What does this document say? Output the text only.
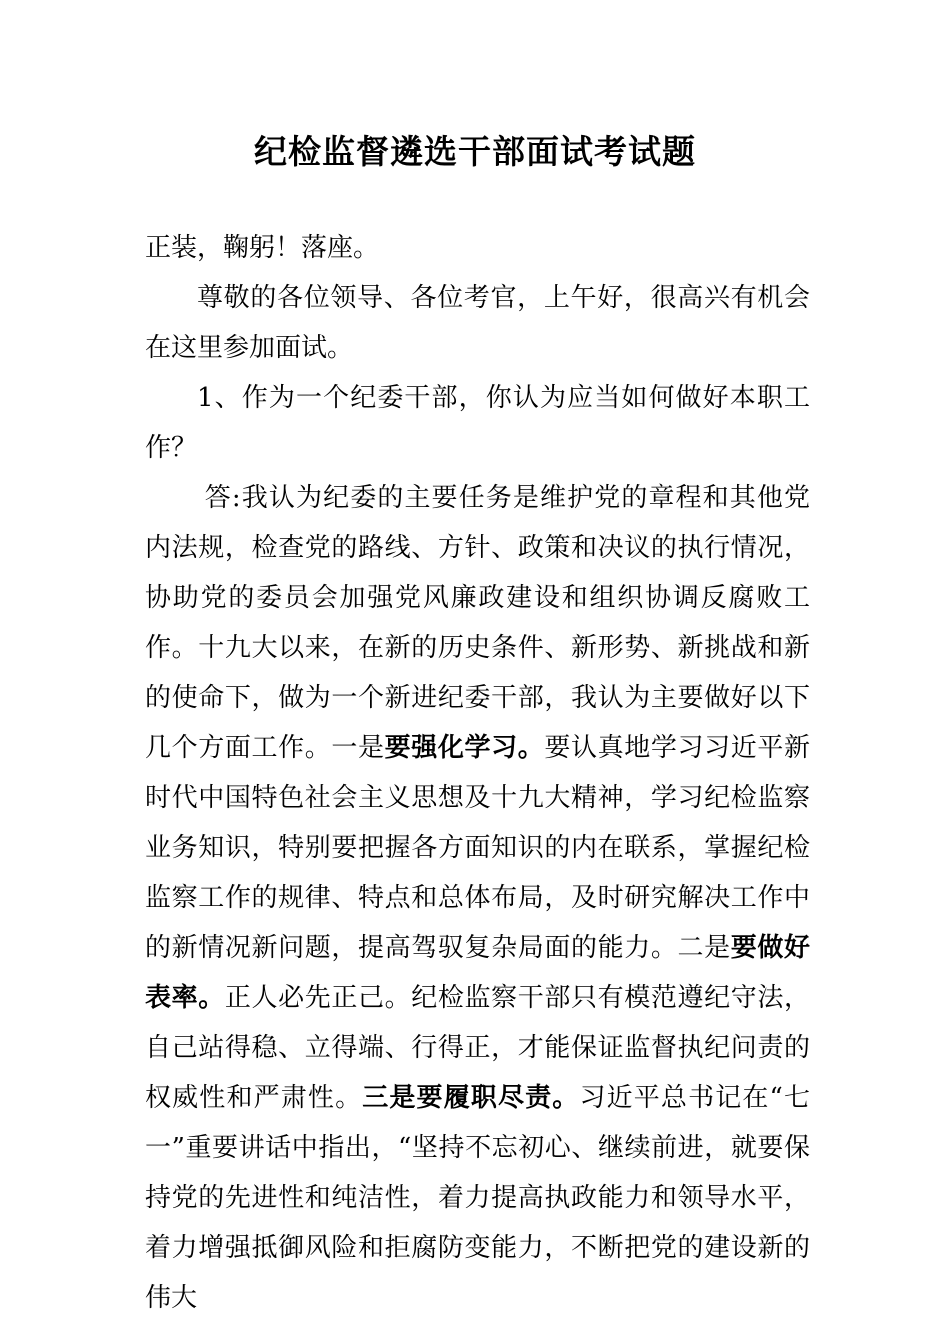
纪检监督遴选干部面试考试题

正装，鞠躬！落座。

尊敬的各位领导、各位考官，上午好，很高兴有机会在这里参加面试。

1、作为一个纪委干部，你认为应当如何做好本职工作？

答:我认为纪委的主要任务是维护党的章程和其他党内法规，检查党的路线、方针、政策和决议的执行情况，协助党的委员会加强党风廉政建设和组织协调反腐败工作。十九大以来，在新的历史条件、新形势、新挑战和新的使命下，做为一个新进纪委干部，我认为主要做好以下几个方面工作。一是要强化学习。要认真地学习习近平新时代中国特色社会主义思想及十九大精神，学习纪检监察业务知识，特别要把握各方面知识的内在联系，掌握纪检监察工作的规律、特点和总体布局，及时研究解决工作中的新情况新问题，提高驾驭复杂局面的能力。二是要做好表率。正人必先正己。纪检监察干部只有模范遵纪守法，自己站得稳、立得端、行得正，才能保证监督执纪问责的权威性和严肃性。三是要履职尽责。习近平总书记在“七一”重要讲话中指出，“坚持不忘初心、继续前进，就要保持党的先进性和纯洁性，着力提高执政能力和领导水平，着力增强抵御风险和拒腐防变能力，不断把党的建设新的伟大
